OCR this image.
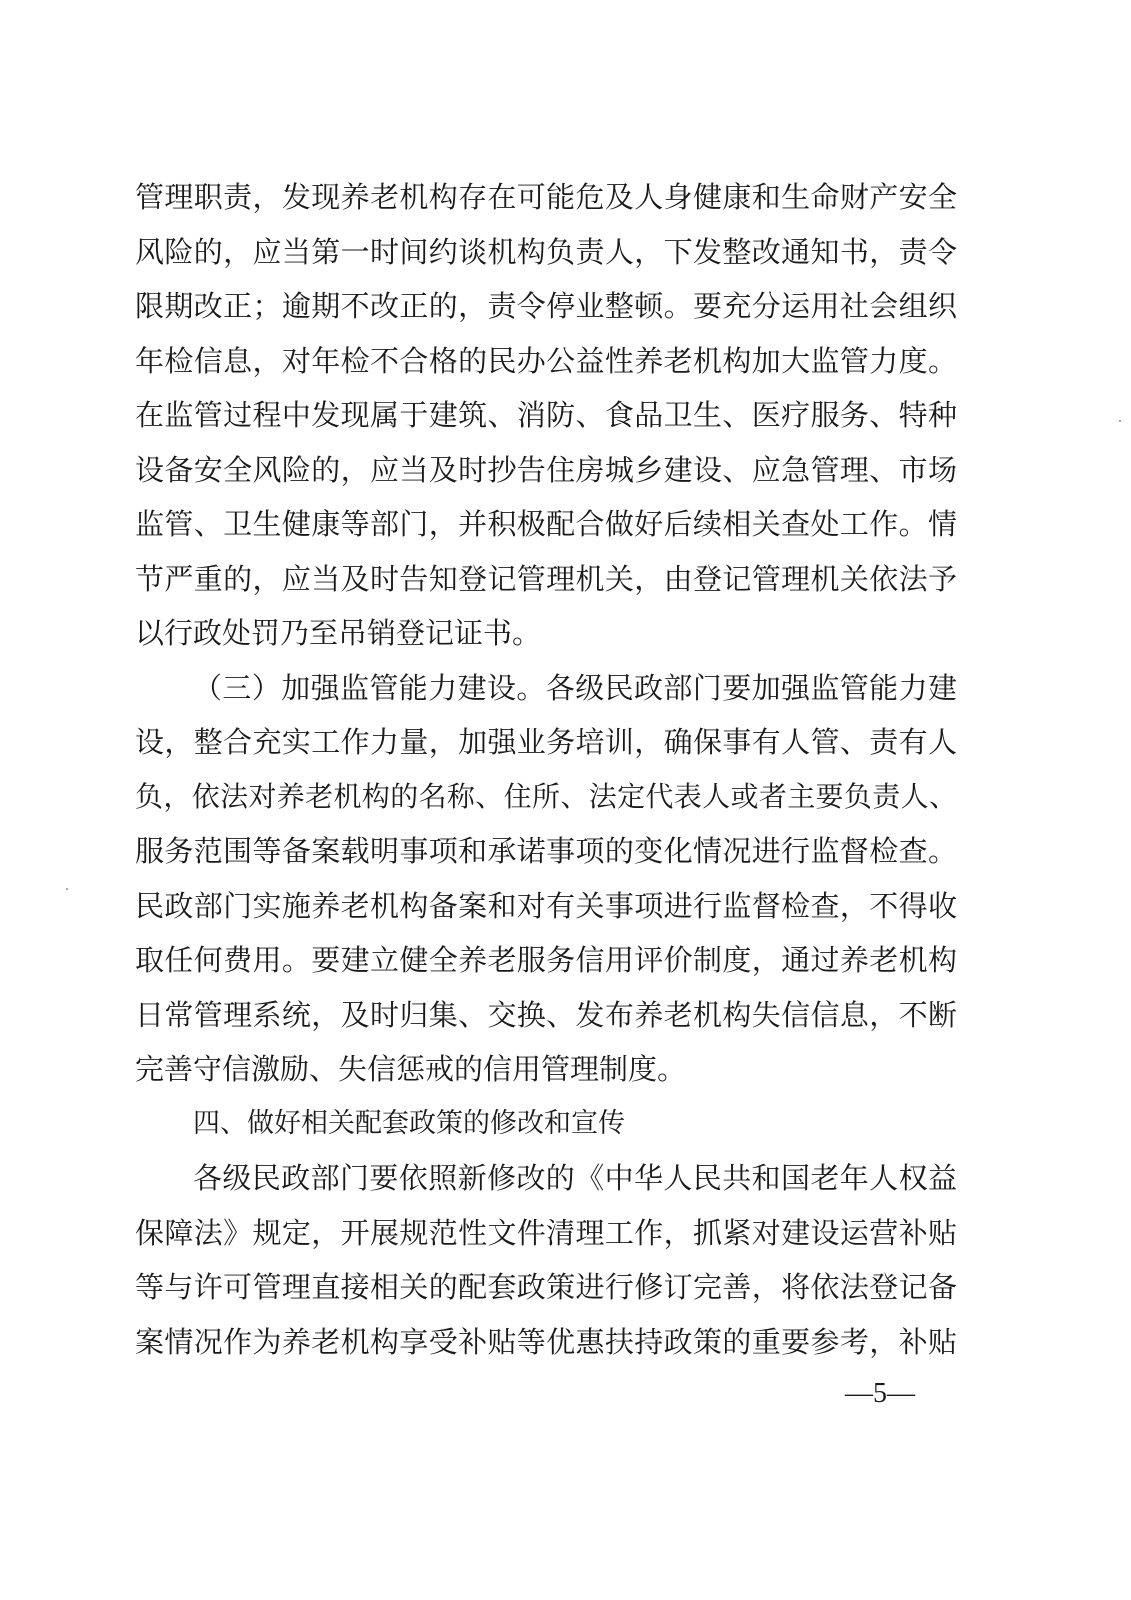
管理职责，发现养老机构存在可能危及人身健康和生命财产安全
风险的，应当第一时间约谈机构负责人，下发整改通知书，责令
限期改正；逾期不改正的，责令停业整顿。要充分运用社会组织
年检信息，对年检不合格的民办公益性养老机构加大监管力度。
在监管过程中发现属于建筑、消防、食品卫生、医疗服务、特种
设备安全风险的，应当及时抄告住房城乡建设、应急管理、市场
监管、卫生健康等部门，并积极配合做好后续相关查处工作。情
节严重的，应当及时告知登记管理机关，由登记管理机关依法予
以行政处罚乃至吊销登记证书。
（三）加强监管能力建设。各级民政部门要加强监管能力建
设，整合充实工作力量，加强业务培训，确保事有人管、责有人
负，依法对养老机构的名称、住所、法定代表人或者主要负责人、
服务范围等备案载明事项和承诺事项的变化情况进行监督检查。
民政部门实施养老机构备案和对有关事项进行监督检查，不得收
取任何费用。要建立健全养老服务信用评价制度，通过养老机构
日常管理系统，及时归集、交换、发布养老机构失信信息，不断
完善守信激励、失信惩戒的信用管理制度。
四、做好相关配套政策的修改和宣传
各级民政部门要依照新修改的《中华人民共和国老年人权益
保障法》规定，开展规范性文件清理工作，抓紧对建设运营补贴
等与许可管理直接相关的配套政策进行修订完善，将依法登记备
案情况作为养老机构享受补贴等优惠扶持政策的重要参考，补贴
—5—
